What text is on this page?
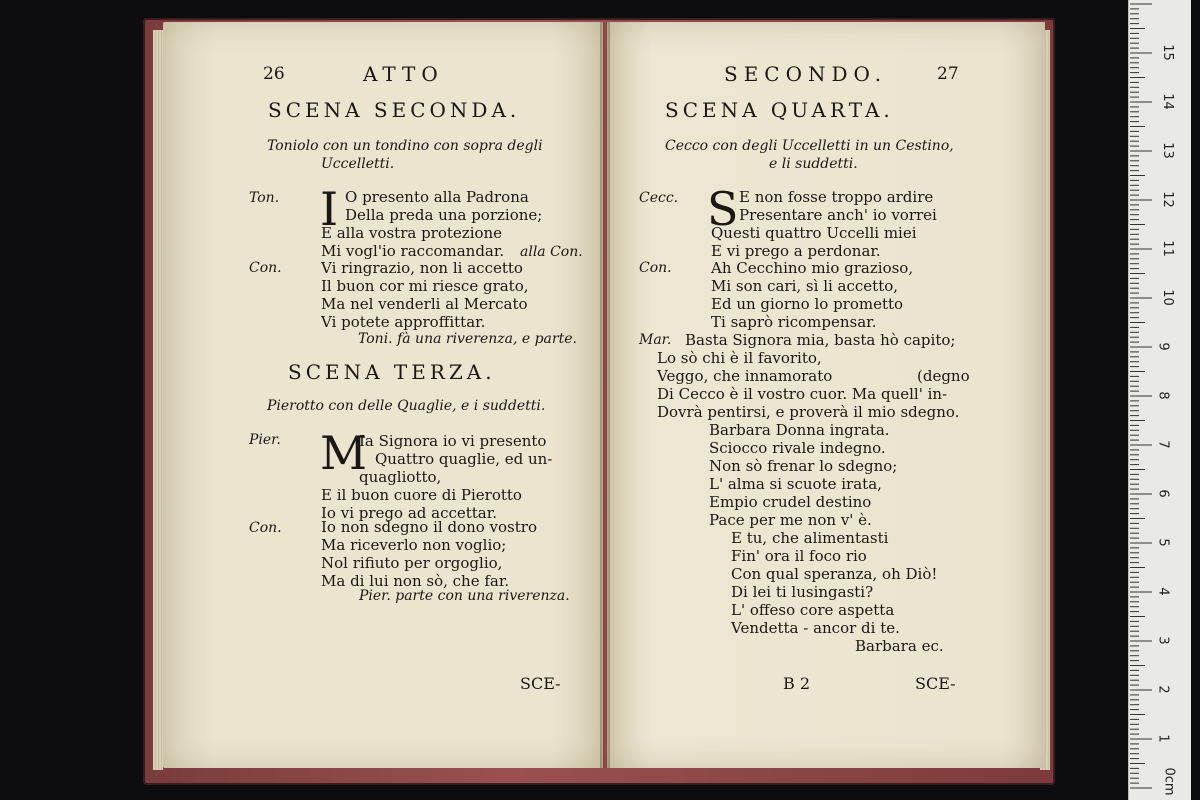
26	ATTO
SCENA SECONDA.
Toniolo con un tondino con sopra degli
Uccelletti.
Ton. I O presento alla Padrona
Della preda una porzione;
E alla vostra protezione
Mi vogl'io raccomandar. alla Con.
Con.	Vi ringrazio, non li accetto
Il buon cor mi riesce grato,
Ma nel venderli al Mercato
Vi potete approffittar.
Toni. fà una riverenza, e parte.
SCENA TERZA.
Pierotto con delle Quaglie, e i suddetti.
Pier. M
Ia Signora io vi presento
Quattro quaglie, ed un-
quagliotto,
E il buon cuore di Pierotto
Io vi prego ad accettar.
Con.	Io non sdegno il dono vostro
Ma riceverlo non voglio;
Nol rifiuto per orgoglio,
Ma di lui non sò, che far.
Pier. parte con una riverenza.
SCE-
SECONDO.	27
SCENA QUARTA.
Cecco con degli Uccelletti in un Cestino,
e li suddetti.
Cecc. S E non fosse troppo ardire
Presentare anch' io vorrei
Questi quattro Uccelli miei
E vi prego a perdonar.
Con.	Ah Cecchino mio grazioso,
Mi son cari, sì li accetto,
Ed un giorno lo prometto
Ti saprò ricompensar.
Mar. Basta Signora mia, basta hò capito;
Lo sò chi è il favorito,
Veggo, che innamorato	(degno
Di Cecco è il vostro cuor. Ma quell' in-
Dovrà pentirsi, e proverà il mio sdegno.
Barbara Donna ingrata.
Sciocco rivale indegno.
Non sò frenar lo sdegno;
L' alma si scuote irata,
Empio crudel destino
Pace per me non v' è.
E tu, che alimentasti
Fin' ora il foco rio
Con qual speranza, oh Diò!
Di lei ti lusingasti?
L' offeso core aspetta
Vendetta - ancor di te.
Barbara ec.
B 2	SCE-
0cm
1
2
3
4
5
6
7
8
9
10
11
12
13
14
15
